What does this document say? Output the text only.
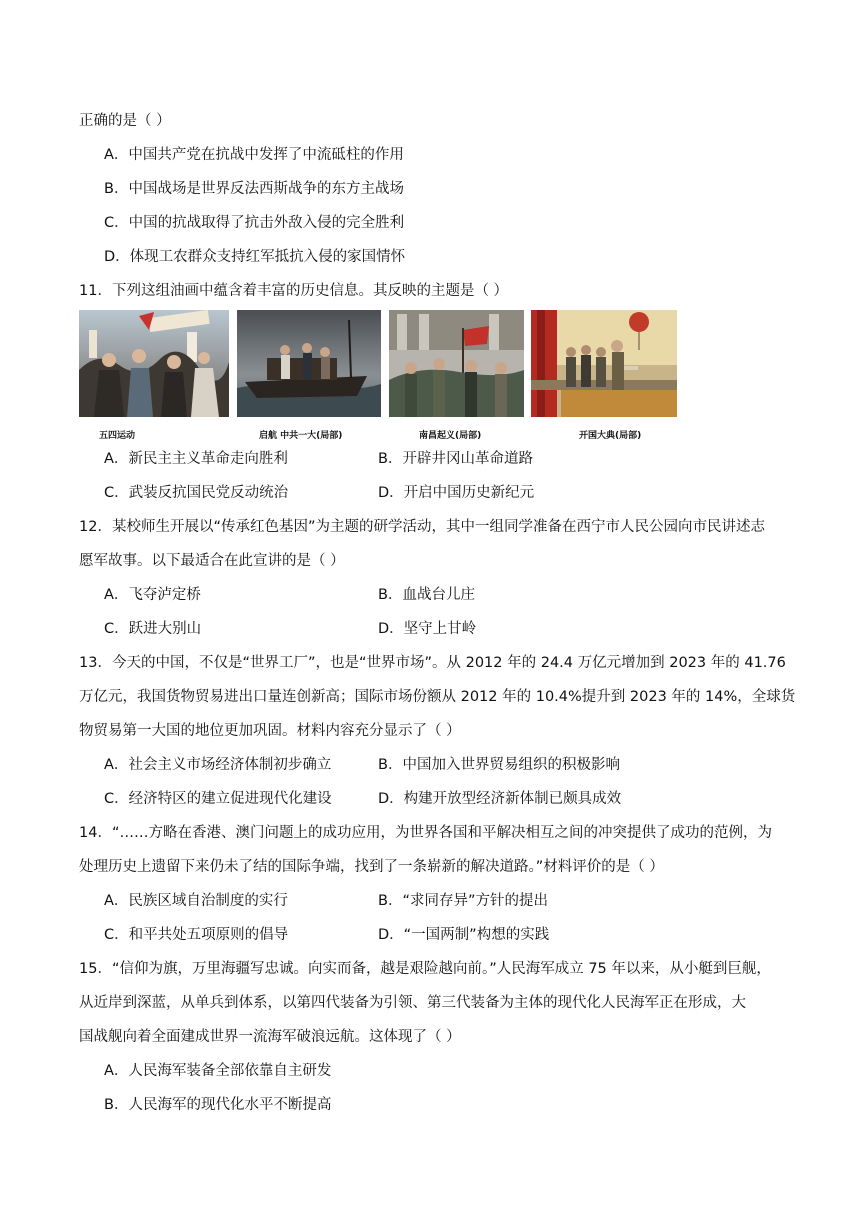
正确的是（ ）
A．中国共产党在抗战中发挥了中流砥柱的作用
B．中国战场是世界反法西斯战争的东方主战场
C．中国的抗战取得了抗击外敌入侵的完全胜利
D．体现工农群众支持红军抵抗入侵的家国情怀
11．下列这组油画中蕴含着丰富的历史信息。其反映的主题是（ ）
五四运动	启航 中共一大(局部)	南昌起义(局部)	开国大典(局部)
A．新民主主义革命走向胜利	B．开辟井冈山革命道路
C．武装反抗国民党反动统治	D．开启中国历史新纪元
12．某校师生开展以“传承红色基因”为主题的研学活动，其中一组同学准备在西宁市人民公园向市民讲述志
愿军故事。以下最适合在此宣讲的是（ ）
A．飞夺泸定桥	B．血战台儿庄
C．跃进大别山	D．坚守上甘岭
13．今天的中国，不仅是“世界工厂”，也是“世界市场”。从 2012 年的 24.4 万亿元增加到 2023 年的 41.76
万亿元，我国货物贸易进出口量连创新高；国际市场份额从 2012 年的 10.4%提升到 2023 年的 14%，全球货
物贸易第一大国的地位更加巩固。材料内容充分显示了（ ）
A．社会主义市场经济体制初步确立	B．中国加入世界贸易组织的积极影响
C．经济特区的建立促进现代化建设	D．构建开放型经济新体制已颇具成效
14．“……方略在香港、澳门问题上的成功应用，为世界各国和平解决相互之间的冲突提供了成功的范例，为
处理历史上遗留下来仍未了结的国际争端，找到了一条崭新的解决道路。”材料评价的是（ ）
A．民族区域自治制度的实行	B．“求同存异”方针的提出
C．和平共处五项原则的倡导	D．“一国两制”构想的实践
15．“信仰为旗，万里海疆写忠诚。向实而备，越是艰险越向前。”人民海军成立 75 年以来，从小艇到巨舰，
从近岸到深蓝，从单兵到体系，以第四代装备为引领、第三代装备为主体的现代化人民海军正在形成，大
国战舰向着全面建成世界一流海军破浪远航。这体现了（ ）
A．人民海军装备全部依靠自主研发
B．人民海军的现代化水平不断提高
